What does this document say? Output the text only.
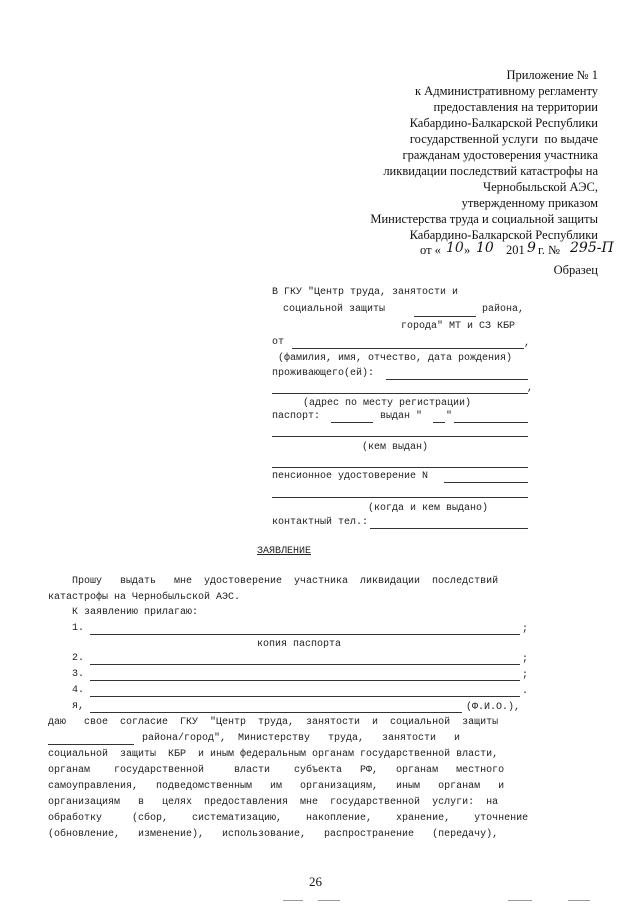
Приложение № 1
к Административному регламенту
предоставления на территории
Кабардино-Балкарской Республики
государственной услуги  по выдаче
гражданам удостоверения участника
ликвидации последствий катастрофы на
Чернобыльской АЭС,
утвержденному приказом
Министерства труда и социальной защиты
Кабардино-Балкарской Республики
от « 10 » 10 201 9 г. № 295-П
Образец
В ГКУ "Центр труда, занятости и
социальной защиты	района,
города" МТ и СЗ КБР
от	,
(фамилия, имя, отчество, дата рождения)
проживающего(ей):
,
(адрес по месту регистрации)
паспорт:	выдан " "
(кем выдан)
пенсионное удостоверение N
(когда и кем выдано)
контактный тел.:
ЗАЯВЛЕНИЕ
Прошу   выдать   мне  удостоверение  участника  ликвидации  последствий
катастрофы на Чернобыльской АЭС.
К заявлению прилагаю:
1.	;
копия паспорта
2.	;
3.	;
4.	.
я,	(Ф.И.О.),
даю   свое  согласие  ГКУ  "Центр  труда,  занятости  и  социальной  защиты
района/город",  Министерству   труда,   занятости   и
социальной  защиты  КБР  и иным федеральным органам государственной власти,
органам    государственной     власти    субъекта   РФ,   органам   местного
самоуправления,   подведомственным   им   организациям,   иным   органам   и
организациям   в   целях  предоставления  мне  государственной  услуги:  на
обработку     (сбор,    систематизацию,    накопление,    хранение,    уточнение
(обновление,   изменение),   использование,   распространение   (передачу),
26
